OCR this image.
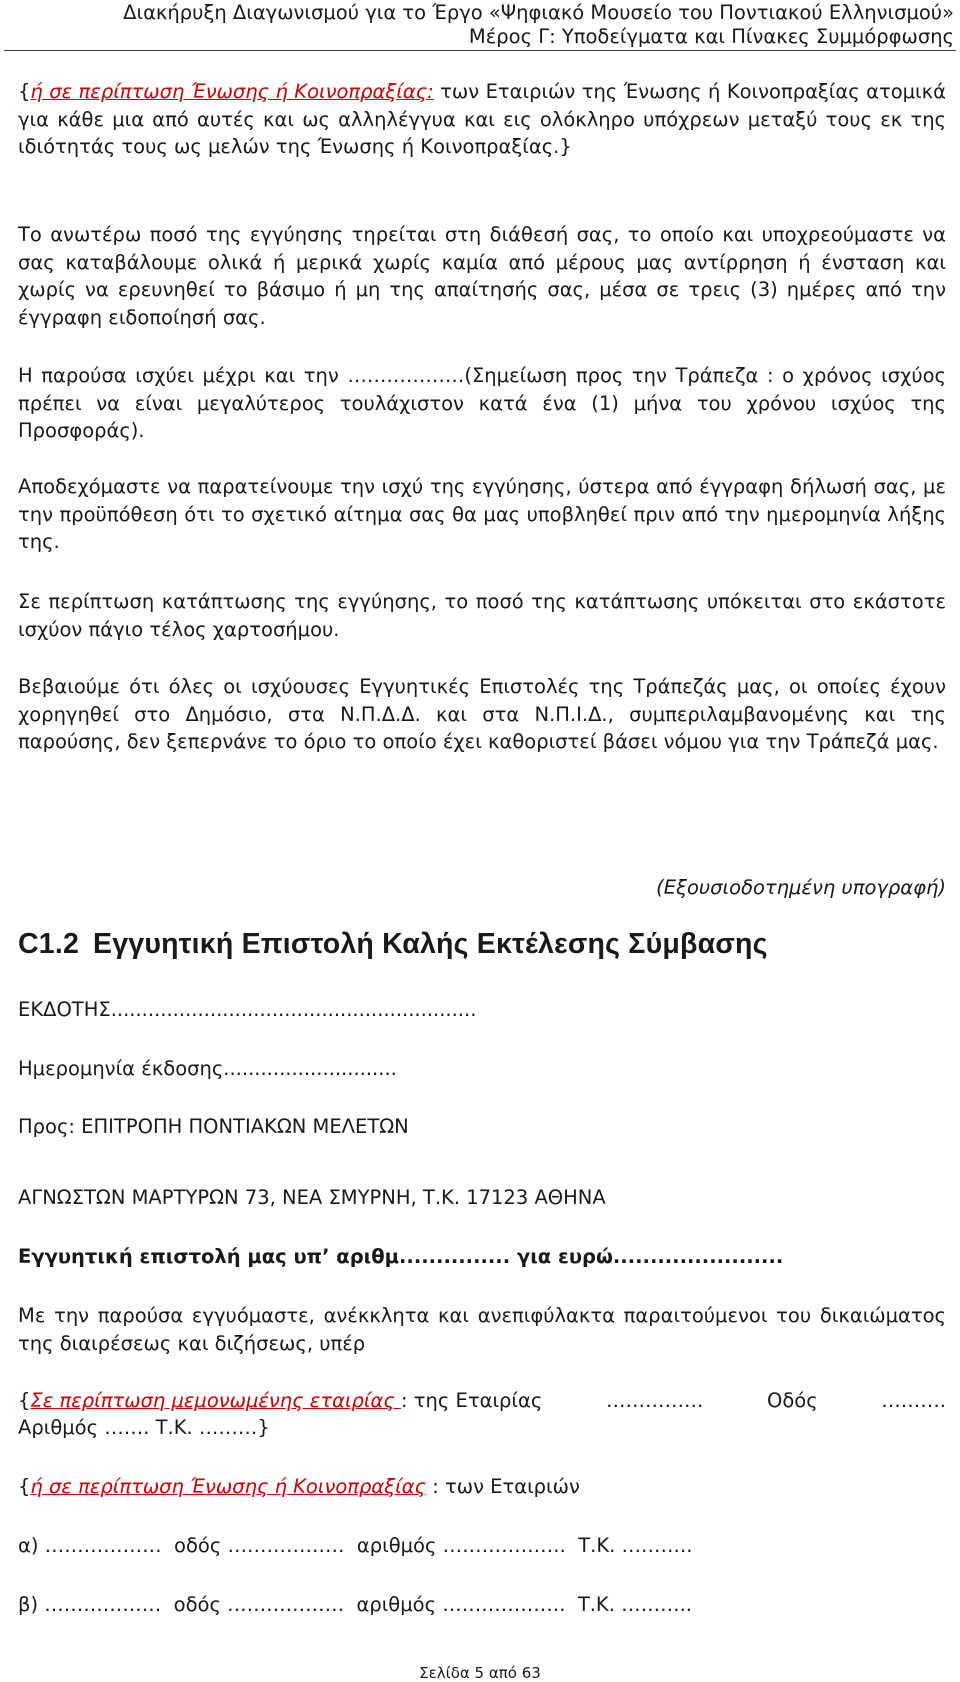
Διακήρυξη Διαγωνισμού για το Έργο «Ψηφιακό Μουσείο του Ποντιακού Ελληνισμού»
Μέρος Γ: Υποδείγματα και Πίνακες Συμμόρφωσης

{ή σε περίπτωση Ένωσης ή Κοινοπραξίας: των Εταιριών της Ένωσης ή Κοινοπραξίας ατομικά για κάθε μια από αυτές και ως αλληλέγγυα και εις ολόκληρο υπόχρεων μεταξύ τους εκ της ιδιότητάς τους ως μελών της Ένωσης ή Κοινοπραξίας.}

Το ανωτέρω ποσό της εγγύησης τηρείται στη διάθεσή σας, το οποίο και υποχρεούμαστε να σας καταβάλουμε ολικά ή μερικά χωρίς καμία από μέρους μας αντίρρηση ή ένσταση και χωρίς να ερευνηθεί το βάσιμο ή μη της απαίτησής σας, μέσα σε τρεις (3) ημέρες από την έγγραφη ειδοποίησή σας.

Η παρούσα ισχύει μέχρι και την ………………(Σημείωση προς την Τράπεζα : ο χρόνος ισχύος πρέπει να είναι μεγαλύτερος τουλάχιστον κατά ένα (1) μήνα του χρόνου ισχύος της Προσφοράς).

Αποδεχόμαστε να παρατείνουμε την ισχύ της εγγύησης, ύστερα από έγγραφη δήλωσή σας, με την προϋπόθεση ότι το σχετικό αίτημα σας θα μας υποβληθεί πριν από την ημερομηνία λήξης της.

Σε περίπτωση κατάπτωσης της εγγύησης, το ποσό της κατάπτωσης υπόκειται στο εκάστοτε ισχύον πάγιο τέλος χαρτοσήμου.

Βεβαιούμε ότι όλες οι ισχύουσες Εγγυητικές Επιστολές της Τράπεζάς μας, οι οποίες έχουν χορηγηθεί στο Δημόσιο, στα Ν.Π.Δ.Δ. και στα Ν.Π.Ι.Δ., συμπεριλαμβανομένης και της παρούσης, δεν ξεπερνάνε το όριο το οποίο έχει καθοριστεί βάσει νόμου για την Τράπεζά μας.

(Εξουσιοδοτημένη υπογραφή)
C1.2 Εγγυητική Επιστολή Καλής Εκτέλεσης Σύμβασης
ΕΚΔΟΤΗΣ...........................................................
Ημερομηνία έκδοσης............................
Προς: ΕΠΙΤΡΟΠΗ ΠΟΝΤΙΑΚΩΝ ΜΕΛΕΤΩΝ
ΑΓΝΩΣΤΩΝ ΜΑΡΤΥΡΩΝ 73, ΝΕΑ ΣΜΥΡΝΗ, Τ.Κ. 17123 ΑΘΗΝΑ
Εγγυητική επιστολή μας υπ’ αριθμ............... για ευρώ.......................

Με την παρούσα εγγυόμαστε, ανέκκλητα και ανεπιφύλακτα παραιτούμενοι του δικαιώματος της διαιρέσεως και διζήσεως, υπέρ

{Σε περίπτωση μεμονωμένης εταιρίας : της Εταιρίας	……………	Οδός	……….
Αριθμός ……. Τ.Κ. ………}
{ή σε περίπτωση Ένωσης ή Κοινοπραξίας : των Εταιριών
α) ………………  οδός ………………  αριθμός ……………….  Τ.Κ. ………..
β) ………………  οδός ………………  αριθμός ……………….  Τ.Κ. ………..
Σελίδα 5 από 63
